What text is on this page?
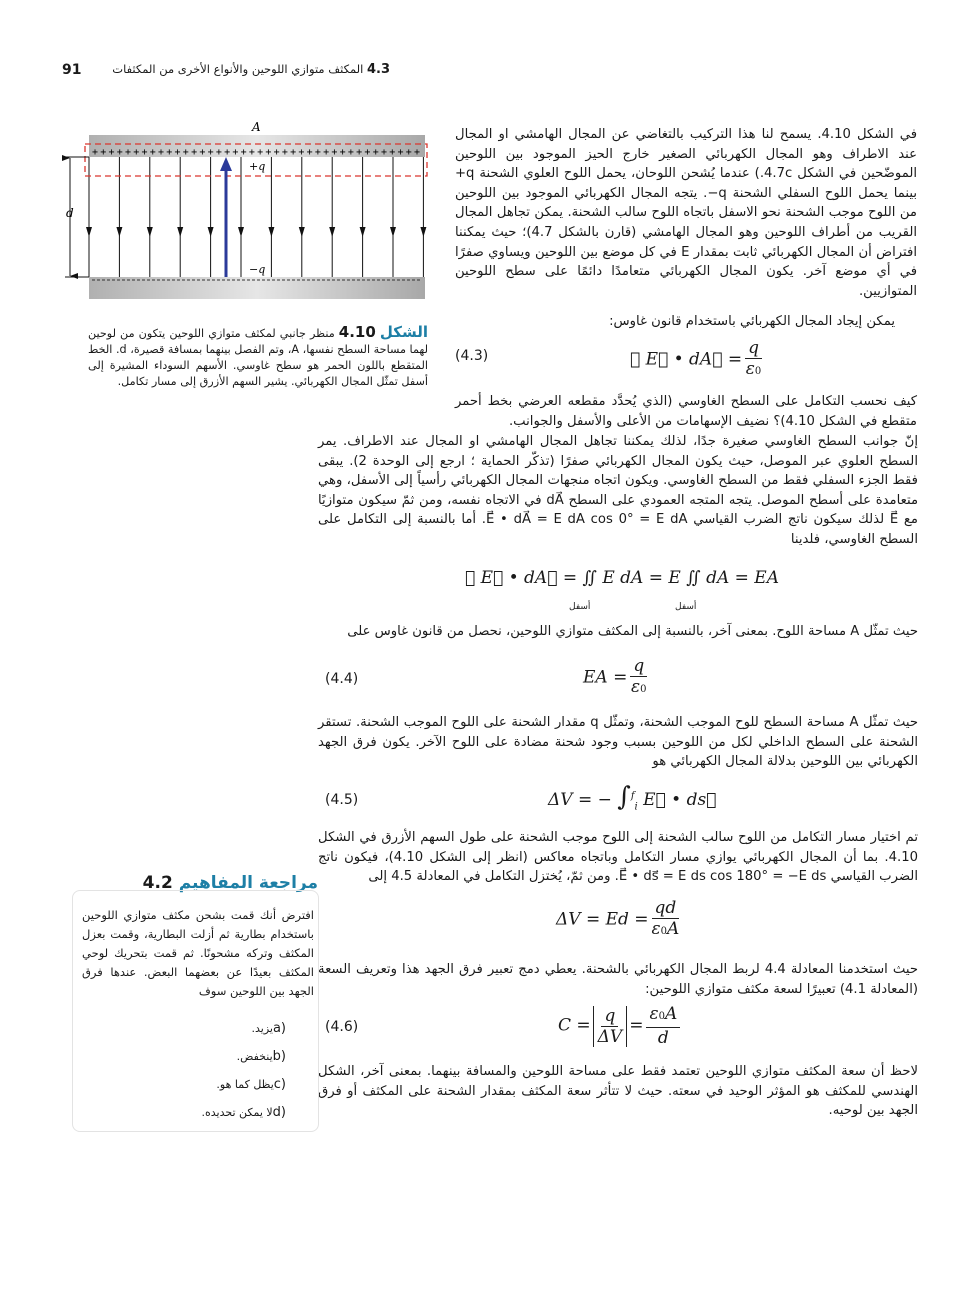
91	4.3 المكثف متوازي اللوحين والأنواع الأخرى من المكثفات
++++++++++++++++++++++++++++++++++++++++
A
+q
−q
d
الشكل 4.10 منظر جانبي لمكثف متوازي اللوحين يتكون من لوحين لهما مساحة السطح نفسها، A، وتم الفصل بينهما بمسافة قصيرة، d. الخط المتقطع باللون الحمر هو سطح غاوسي. الأسهم السوداء المشيرة إلى أسفل تمثّل المجال الكهربائي. يشير السهم الأزرق إلى مسار تكامل.
في الشكل 4.10. يسمح لنا هذا التركيب بالتغاضي عن المجال الهامشي او المجال عند الاطراف وهو المجال الكهربائي الصغير خارج الحيز الموجود بين اللوحين الموضّحين في الشكل 4.7c.) عندما يُشحن اللوحان، يحمل اللوح العلوي الشحنة ‎+q‎ بينما يحمل اللوح السفلي الشحنة ‎−q‎. يتجه المجال الكهربائي الموجود بين اللوحين من اللوح موجب الشحنة نحو الاسفل باتجاه اللوح سالب الشحنة. يمكن تجاهل المجال القريب من أطراف اللوحين وهو المجال الهامشي (قارن بالشكل 4.7)؛ حيث يمكننا افتراض أن المجال الكهربائي ثابت بمقدار E في كل موضع بين اللوحين ويساوي صفرًا في أي موضع آخر. يكون المجال الكهربائي متعامدًا دائمًا على سطح اللوحين المتوازيين.
يمكن إيجاد المجال الكهربائي باستخدام قانون غاوس:
(4.3)	∯ E⃗ • dA⃗ = $\frac{q}{\varepsilon 0}$
كيف نحسب التكامل على السطح الغاوسي (الذي يُحدَّد مقطعه العرضي بخط أحمر متقطع في الشكل 4.10)؟ نضيف الإسهامات من الأعلى والأسفل والجوانب.
إنّ جوانب السطح الغاوسي صغيرة جدًا، لذلك يمكننا تجاهل المجال الهامشي او المجال عند الاطراف. يمر السطح العلوي عبر الموصل، حيث يكون المجال الكهربائي صفرًا (تذكّر الحماية ؛ ارجع إلى الوحدة 2). يبقى فقط الجزء السفلي فقط من السطح الغاوسي. ويكون اتجاه منجهات المجال الكهربائي رأسياً إلى الأسفل، وهي متعامدة على أسطح الموصل. يتجه المتجه العمودي على السطح dA⃗ في الاتجاه نفسه، ومن ثمّ سيكون متوازيًا مع E⃗ لذلك سيكون ناتج الضرب القياسي E⃗ • dA⃗ = E dA cos 0° = E dA. أما بالنسبة إلى التكامل على السطح الغاوسي، فلدينا
∯ E⃗ • dA⃗ = ∬ E dA = E ∬ dA = EA
أسفل	أسفل
حيث تمثّل A مساحة اللوح. بمعنى آخر، بالنسبة إلى المكثف متوازي اللوحين، نحصل من قانون غاوس على
(4.4)	EA = $\frac{q}{\varepsilon 0}$
حيث تمثّل A مساحة السطح للوح الموجب الشحنة، وتمثّل q مقدار الشحنة على اللوح الموجب الشحنة. تستقر الشحنة على السطح الداخلي لكل من اللوحين بسبب وجود شحنة مضادة على اللوح الآخر. يكون فرق الجهد الكهربائي بين اللوحين بدلالة المجال الكهربائي هو
(4.5)	ΔV = − ∫$^f_i$ E⃗ • ds⃗
تم اختيار مسار التكامل من اللوح سالب الشحنة إلى اللوح موجب الشحنة على طول السهم الأزرق في الشكل 4.10. بما أن المجال الكهربائي يوازي مسار التكامل وباتجاه معاكس (انظر إلى الشكل 4.10)، فيكون ناتج الضرب القياسي E⃗ • ds⃗ = E ds cos 180° = −E ds. ومن ثمّ، يُختزل التكامل في المعادلة 4.5 إلى
$\Delta V = Ed = \frac{qd}{\varepsilon 0A}$
حيث استخدمنا المعادلة 4.4 لربط المجال الكهربائي بالشحنة. يعطي دمج تعبير فرق الجهد هذا وتعريف السعة (المعادلة 4.1) تعبيرًا لسعة مكثف متوازي اللوحين:
(4.6)	$C = \frac{q}{\Delta V} = \frac{\varepsilon 0A}{d}$
لاحظ أن سعة المكثف متوازي اللوحين تعتمد فقط على مساحة اللوحين والمسافة بينهما. بمعنى آخر، الشكل الهندسي للمكثف هو المؤثر الوحيد في سعته. حيث لا تتأثر سعة المكثف بمقدار الشحنة على المكثف أو فرق الجهد بين لوحيه.
مراجعة المفاهيم 4.2
افترض أنك قمت بشحن مكثف متوازي اللوحين باستخدام بطارية ثم أزلت البطارية، وقمت بعزل المكثف وتركه مشحونًا. ثم قمت بتحريك لوحي المكثف بعيدًا عن بعضهما البعض. عندها فرق الجهد بين اللوحين سوف
a)يزيد.
b)ينخفض.
c)يظل كما هو.
d)لا يمكن تحديده.
